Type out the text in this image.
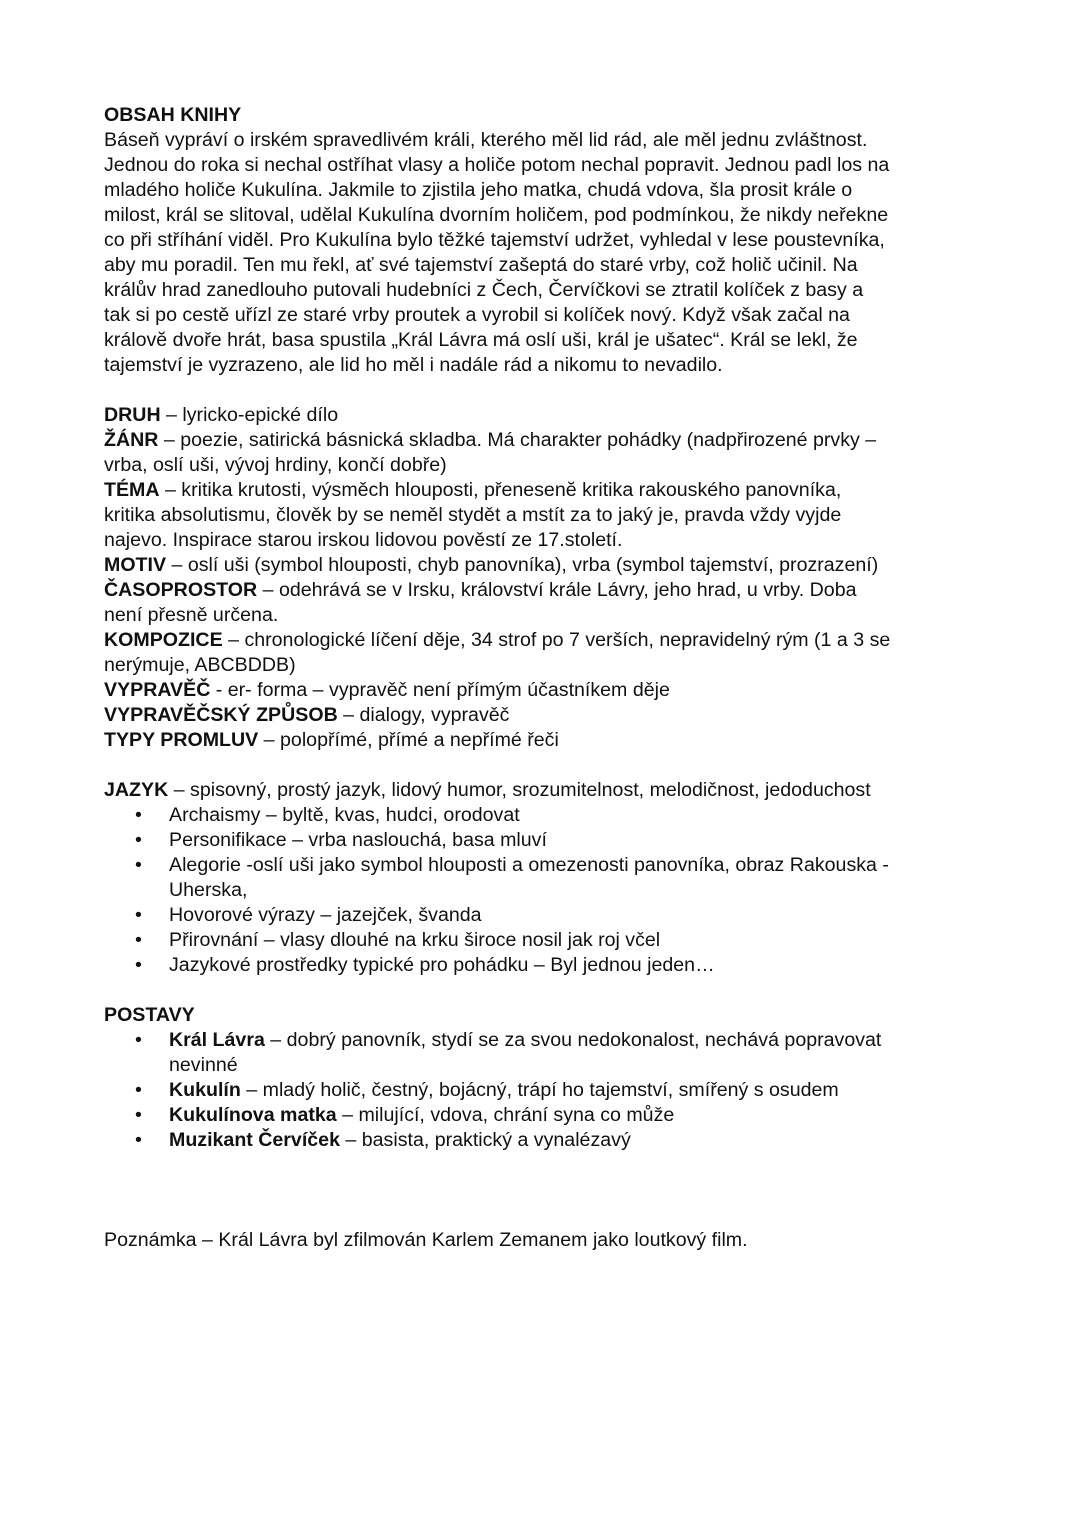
OBSAH KNIHY
Báseň vypráví o irském spravedlivém králi, kterého měl lid rád, ale měl jednu zvláštnost.
Jednou do roka si nechal ostříhat vlasy a holiče potom nechal popravit. Jednou padl los na
mladého holiče Kukulína. Jakmile to zjistila jeho matka, chudá vdova, šla prosit krále o
milost, král se slitoval, udělal Kukulína dvorním holičem, pod podmínkou, že nikdy neřekne
co při stříhání viděl. Pro Kukulína bylo těžké tajemství udržet, vyhledal v lese poustevníka,
aby mu poradil. Ten mu řekl, ať své tajemství zašeptá do staré vrby, což holič učinil. Na
králův hrad zanedlouho putovali hudebníci z Čech, Červíčkovi se ztratil kolíček z basy a
tak si po cestě uřízl ze staré vrby proutek a vyrobil si kolíček nový. Když však začal na
královĕ dvoře hrát, basa spustila „Král Lávra má oslí uši, král je ušatec“. Král se lekl, že
tajemství je vyzrazeno, ale lid ho měl i nadále rád a nikomu to nevadilo.
DRUH – lyricko-epické dílo
ŽÁNR – poezie, satirická básnická skladba. Má charakter pohádky (nadpřirozené prvky –
vrba, oslí uši, vývoj hrdiny, končí dobře)
TÉMA – kritika krutosti, výsměch hlouposti, přenesenĕ kritika rakouského panovníka,
kritika absolutismu, člověk by se neměl stydět a mstít za to jaký je, pravda vždy vyjde
najevo. Inspirace starou irskou lidovou pověstí ze 17.století.
MOTIV – oslí uši (symbol hlouposti, chyb panovníka), vrba (symbol tajemství, prozrazení)
ČASOPROSTOR – odehrává se v Irsku, království krále Lávry, jeho hrad, u vrby. Doba
není přesně určena.
KOMPOZICE – chronologické líčení děje, 34 strof po 7 verších, nepravidelný rým (1 a 3 se
nerýmuje, ABCBDDB)
VYPRAVĚČ - er- forma – vypravěč není přímým účastníkem děje
VYPRAVĚČSKÝ ZPŮSOB – dialogy, vypravěč
TYPY PROMLUV – polopřímé, přímé a nepřímé řeči
JAZYK – spisovný, prostý jazyk, lidový humor, srozumitelnost, melodičnost, jedoduchost
• Archaismy – byltě, kvas, hudci, orodovat
• Personifikace – vrba naslouchá, basa mluví
• Alegorie -oslí uši jako symbol hlouposti a omezenosti panovníka, obraz Rakouska -
Uherska,
• Hovorové výrazy – jazejček, švanda
• Přirovnání – vlasy dlouhé na krku široce nosil jak roj včel
• Jazykové prostředky typické pro pohádku – Byl jednou jeden…
POSTAVY
• Král Lávra – dobrý panovník, stydí se za svou nedokonalost, nechává popravovat
nevinné
• Kukulín – mladý holič, čestný, bojácný, trápí ho tajemství, smířený s osudem
• Kukulínova matka – milující, vdova, chrání syna co může
• Muzikant Červíček – basista, praktický a vynalézavý
Poznámka – Král Lávra byl zfilmován Karlem Zemanem jako loutkový film.
